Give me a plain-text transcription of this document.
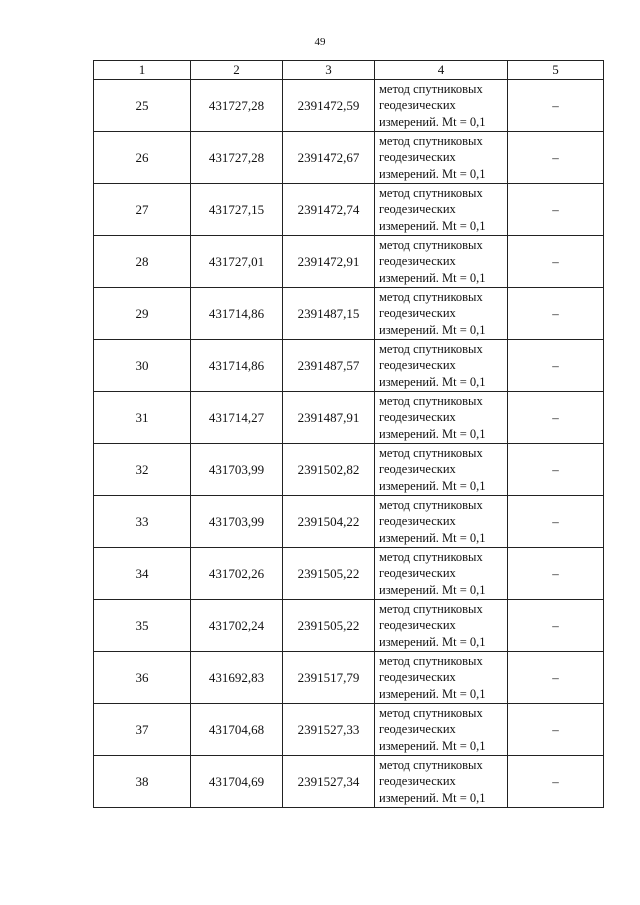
49
1	2	3	4	5
25	431727,28	2391472,59	метод спутниковых
геодезических
измерений. Mt = 0,1	–
26	431727,28	2391472,67	метод спутниковых
геодезических
измерений. Mt = 0,1	–
27	431727,15	2391472,74	метод спутниковых
геодезических
измерений. Mt = 0,1	–
28	431727,01	2391472,91	метод спутниковых
геодезических
измерений. Mt = 0,1	–
29	431714,86	2391487,15	метод спутниковых
геодезических
измерений. Mt = 0,1	–
30	431714,86	2391487,57	метод спутниковых
геодезических
измерений. Mt = 0,1	–
31	431714,27	2391487,91	метод спутниковых
геодезических
измерений. Mt = 0,1	–
32	431703,99	2391502,82	метод спутниковых
геодезических
измерений. Mt = 0,1	–
33	431703,99	2391504,22	метод спутниковых
геодезических
измерений. Mt = 0,1	–
34	431702,26	2391505,22	метод спутниковых
геодезических
измерений. Mt = 0,1	–
35	431702,24	2391505,22	метод спутниковых
геодезических
измерений. Mt = 0,1	–
36	431692,83	2391517,79	метод спутниковых
геодезических
измерений. Mt = 0,1	–
37	431704,68	2391527,33	метод спутниковых
геодезических
измерений. Mt = 0,1	–
38	431704,69	2391527,34	метод спутниковых
геодезических
измерений. Mt = 0,1	–
